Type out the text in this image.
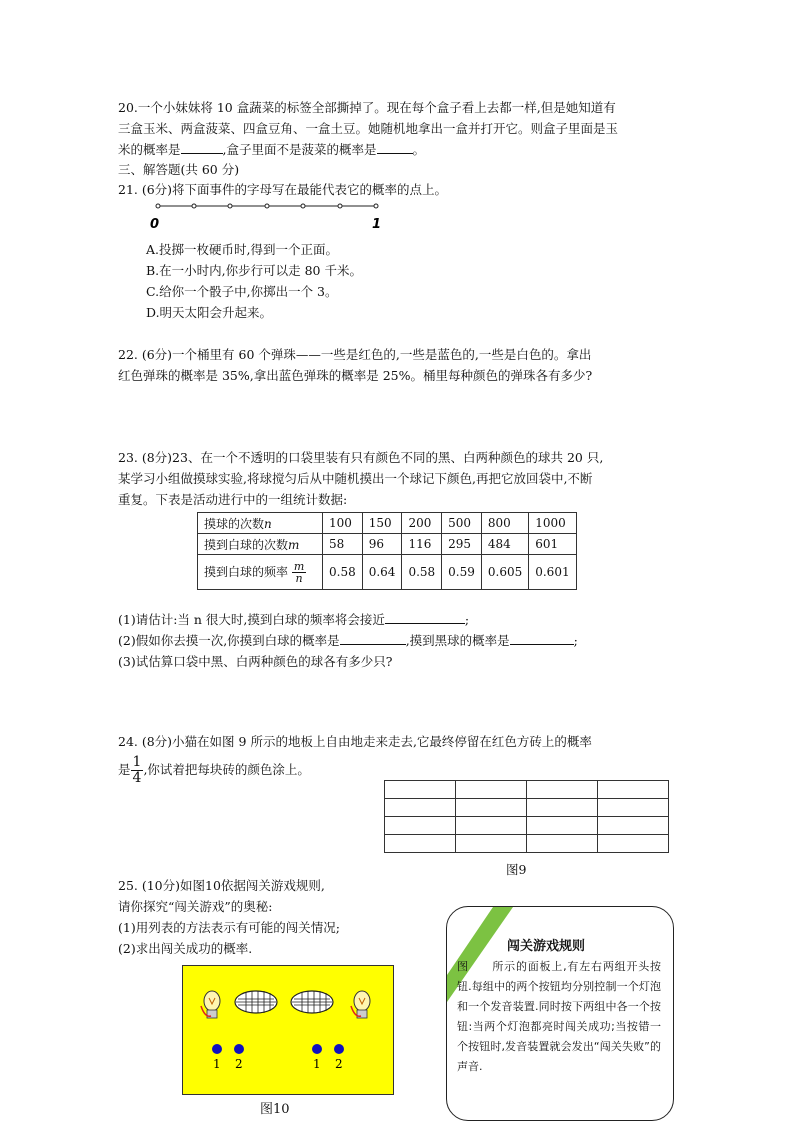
20.一个小妹妹将 10 盒蔬菜的标签全部撕掉了。现在每个盒子看上去都一样,但是她知道有
三盒玉米、两盒菠菜、四盒豆角、一盒土豆。她随机地拿出一盒并打开它。则盒子里面是玉
米的概率是	,盒子里面不是菠菜的概率是	。
三、解答题(共 60 分)
21. (6分)将下面事件的字母写在最能代表它的概率的点上。
0	1
A.投掷一枚硬币时,得到一个正面。
B.在一小时内,你步行可以走 80 千米。
C.给你一个骰子中,你掷出一个 3。
D.明天太阳会升起来。
22. (6分)一个桶里有 60 个弹珠——一些是红色的,一些是蓝色的,一些是白色的。拿出
红色弹珠的概率是 35%,拿出蓝色弹珠的概率是 25%。桶里每种颜色的弹珠各有多少?
23. (8分)23、在一个不透明的口袋里装有只有颜色不同的黑、白两种颜色的球共 20 只,
某学习小组做摸球实验,将球搅匀后从中随机摸出一个球记下颜色,再把它放回袋中,不断
重复。下表是活动进行中的一组统计数据:
摸球的次数n	100	150	200	500	800	1000
摸到白球的次数m	58	96	116	295	484	601
摸到白球的频率 $\frac{m}{n}$	0.58	0.64	0.58	0.59	0.605	0.601
(1)请估计:当 n 很大时,摸到白球的频率将会接近	;
(2)假如你去摸一次,你摸到白球的概率是	,摸到黑球的概率是	;
(3)试估算口袋中黑、白两种颜色的球各有多少只?
24. (8分)小猫在如图 9 所示的地板上自由地走来走去,它最终停留在红色方砖上的概率
是 $\frac{1}{4}$ ,你试着把每块砖的颜色涂上。

图9
25. (10分)如图10依据闯关游戏规则,
请你探究“闯关游戏”的奥秘:
(1)用列表的方法表示有可能的闯关情况;
(2)求出闯关成功的概率.
1 2	1 2
图10
闯关游戏规则
图　　所示的面板上,有左右两组开头按钮.每组中的两个按钮均分别控制一个灯泡和一个发音装置.同时按下两组中各一个按钮:当两个灯泡都亮时闯关成功;当按错一个按钮时,发音装置就会发出“闯关失败”的声音.
